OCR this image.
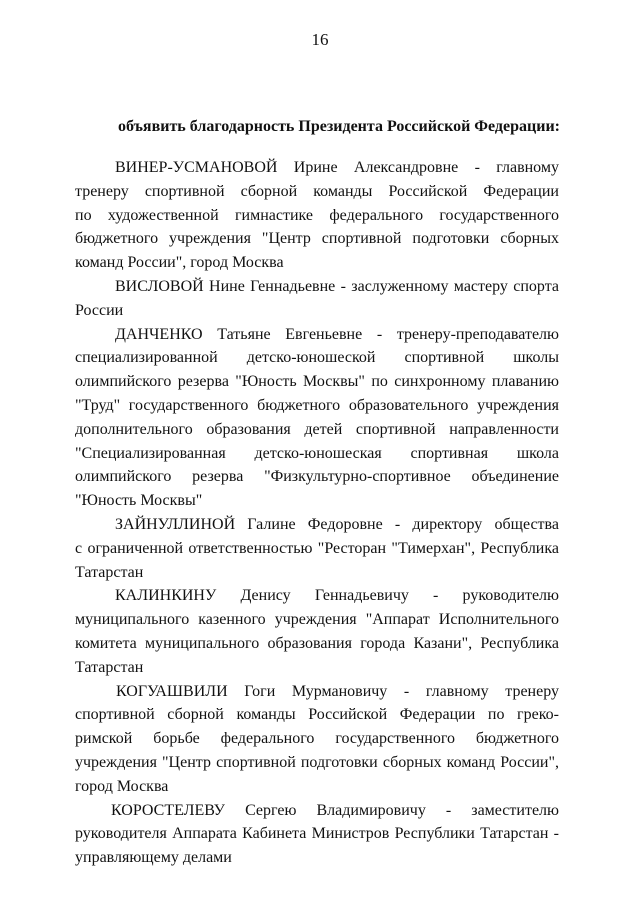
16
объявить благодарность Президента Российской Федерации:
ВИНЕР-УСМАНОВОЙ Ирине Александровне - главному
тренеру спортивной сборной команды Российской Федерации
по художественной гимнастике федерального государственного
бюджетного учреждения "Центр спортивной подготовки сборных
команд России", город Москва
ВИСЛОВОЙ Нине Геннадьевне - заслуженному мастеру спорта
России
ДАНЧЕНКО Татьяне Евгеньевне - тренеру-преподавателю
специализированной детско-юношеской спортивной школы
олимпийского резерва "Юность Москвы" по синхронному плаванию
"Труд" государственного бюджетного образовательного учреждения
дополнительного образования детей спортивной направленности
"Специализированная детско-юношеская спортивная школа
олимпийского резерва "Физкультурно-спортивное объединение
"Юность Москвы"
ЗАЙНУЛЛИНОЙ Галине Федоровне - директору общества
с ограниченной ответственностью "Ресторан "Тимерхан", Республика
Татарстан
КАЛИНКИНУ Денису Геннадьевичу - руководителю
муниципального казенного учреждения "Аппарат Исполнительного
комитета муниципального образования города Казани", Республика
Татарстан
КОГУАШВИЛИ Гоги Мурмановичу - главному тренеру
спортивной сборной команды Российской Федерации по греко-
римской борьбе федерального государственного бюджетного
учреждения "Центр спортивной подготовки сборных команд России",
город Москва
КОРОСТЕЛЕВУ Сергею Владимировичу - заместителю
руководителя Аппарата Кабинета Министров Республики Татарстан -
управляющему делами
